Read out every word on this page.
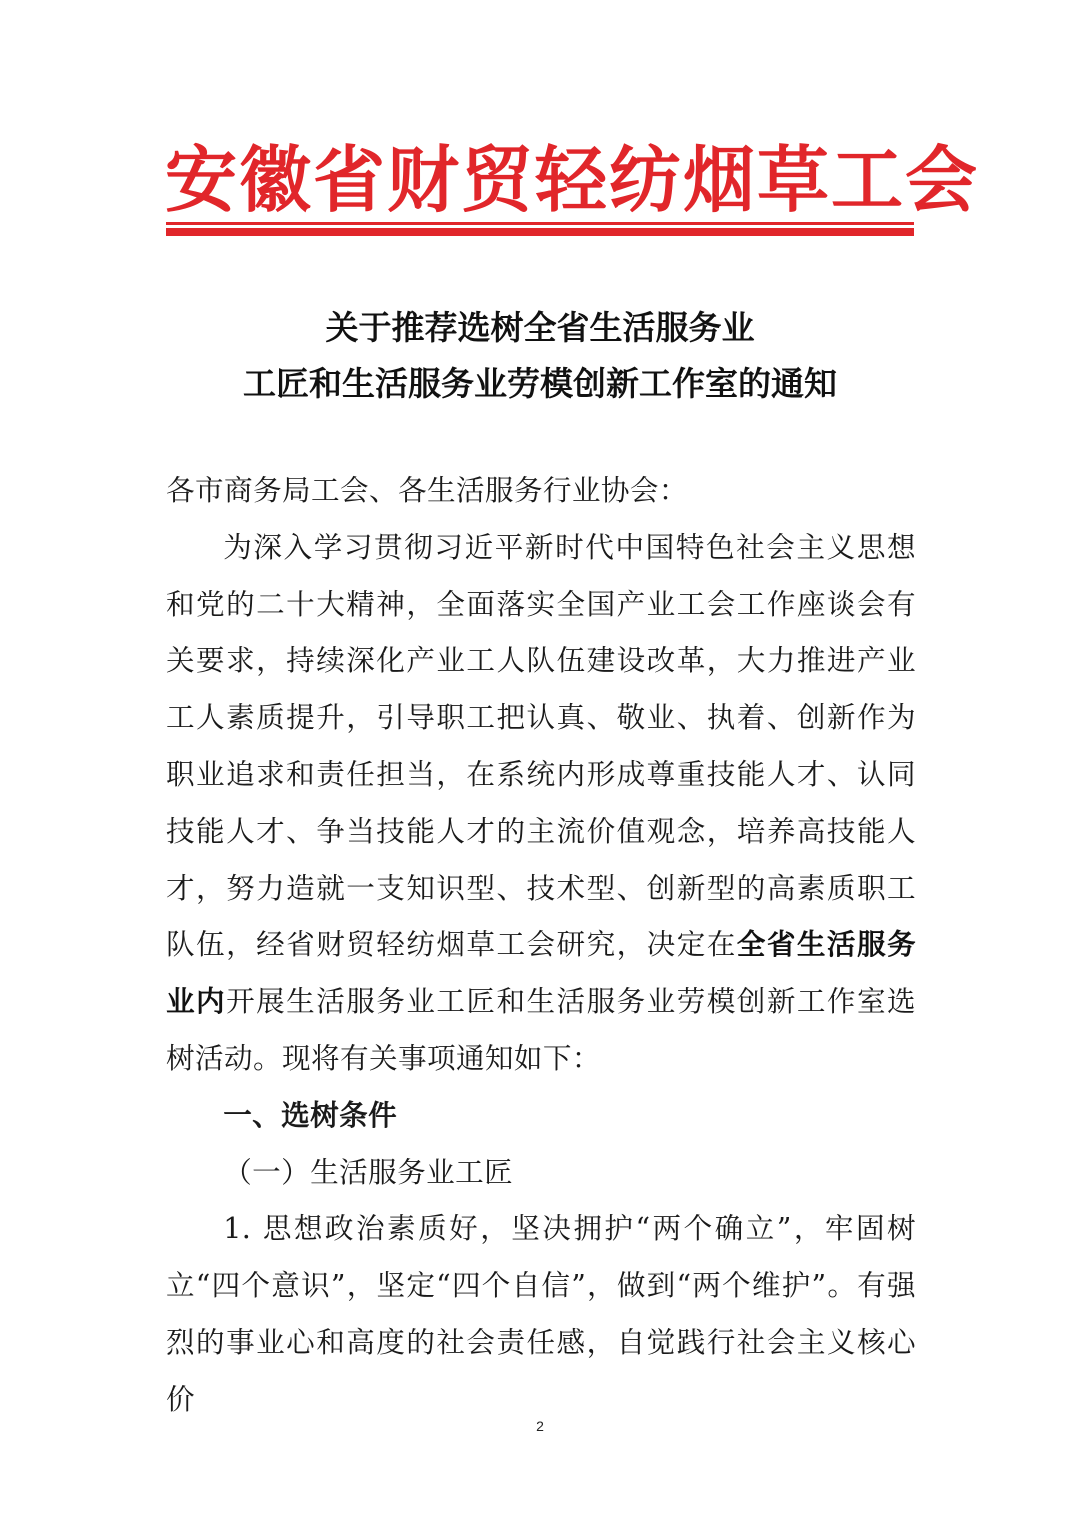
安徽省财贸轻纺烟草工会
关于推荐选树全省生活服务业
工匠和生活服务业劳模创新工作室的通知

各市商务局工会、各生活服务行业协会：

为深入学习贯彻习近平新时代中国特色社会主义思想和党的二十大精神，全面落实全国产业工会工作座谈会有关要求，持续深化产业工人队伍建设改革，大力推进产业工人素质提升，引导职工把认真、敬业、执着、创新作为职业追求和责任担当，在系统内形成尊重技能人才、认同技能人才、争当技能人才的主流价值观念，培养高技能人才，努力造就一支知识型、技术型、创新型的高素质职工队伍，经省财贸轻纺烟草工会研究，决定在全省生活服务业内开展生活服务业工匠和生活服务业劳模创新工作室选树活动。现将有关事项通知如下：

一、选树条件

（一）生活服务业工匠

1. 思想政治素质好，坚决拥护“两个确立”，牢固树立“四个意识”，坚定“四个自信”，做到“两个维护”。有强烈的事业心和高度的社会责任感，自觉践行社会主义核心价

2
